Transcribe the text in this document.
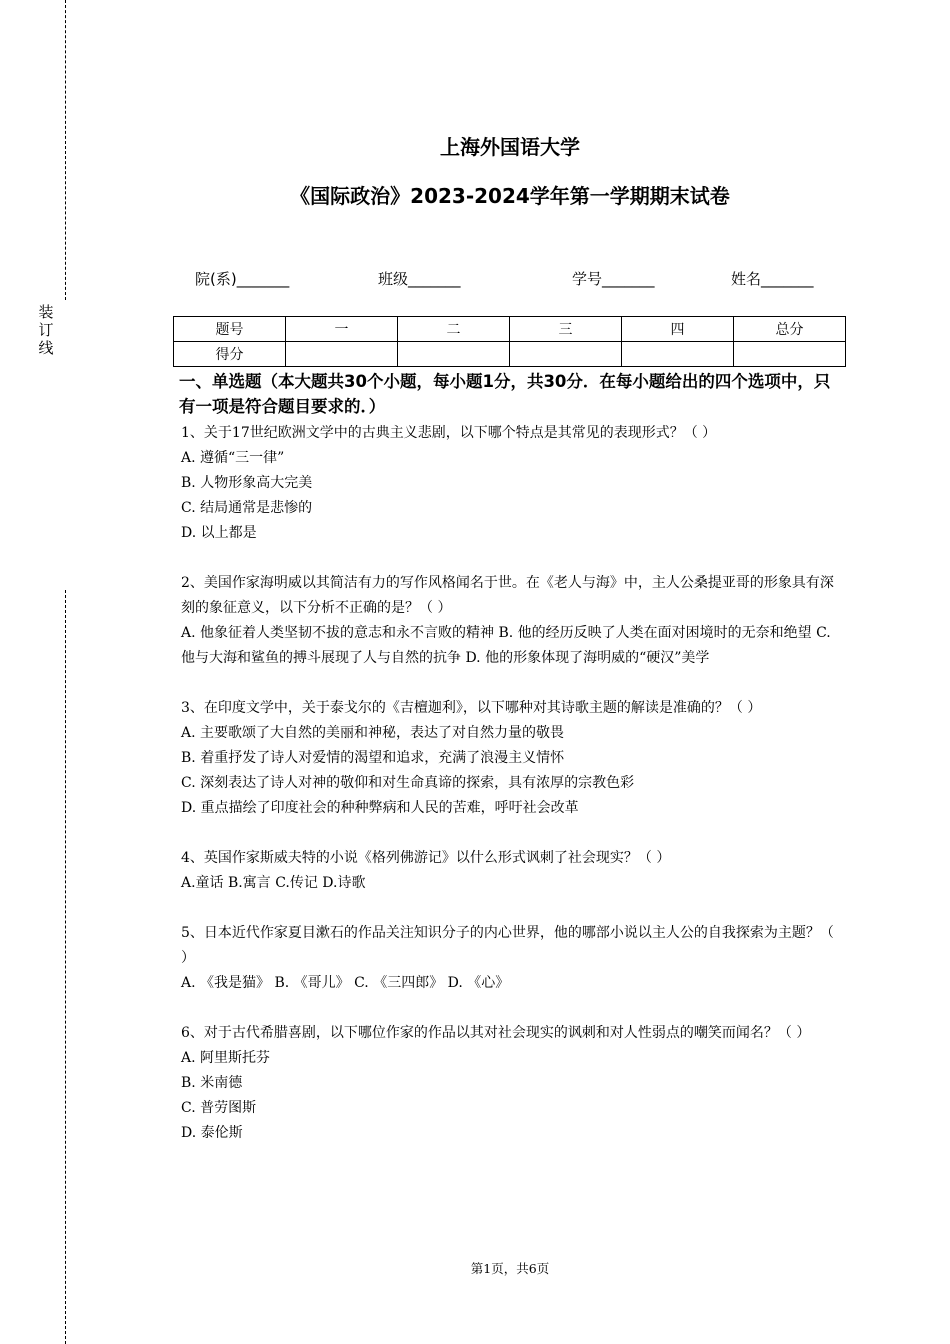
装
订
线
上海外国语大学
《国际政治》2023-2024学年第一学期期末试卷
院(系)_______	班级_______	学号_______	姓名_______
题号	一	二	三	四	总分
得分					
一、单选题（本大题共30个小题，每小题1分，共30分．在每小题给出的四个选项中，只有一项是符合题目要求的．）

1、关于17世纪欧洲文学中的古典主义悲剧，以下哪个特点是其常见的表现形式？（ ）

A. 遵循“三一律”

B. 人物形象高大完美

C. 结局通常是悲惨的

D. 以上都是

2、美国作家海明威以其简洁有力的写作风格闻名于世。在《老人与海》中，主人公桑提亚哥的形象具有深刻的象征意义，以下分析不正确的是？（ ）

A. 他象征着人类坚韧不拔的意志和永不言败的精神 B. 他的经历反映了人类在面对困境时的无奈和绝望 C. 他与大海和鲨鱼的搏斗展现了人与自然的抗争 D. 他的形象体现了海明威的“硬汉”美学

3、在印度文学中，关于泰戈尔的《吉檀迦利》，以下哪种对其诗歌主题的解读是准确的？（ ）

A. 主要歌颂了大自然的美丽和神秘，表达了对自然力量的敬畏

B. 着重抒发了诗人对爱情的渴望和追求，充满了浪漫主义情怀

C. 深刻表达了诗人对神的敬仰和对生命真谛的探索，具有浓厚的宗教色彩

D. 重点描绘了印度社会的种种弊病和人民的苦难，呼吁社会改革

4、英国作家斯威夫特的小说《格列佛游记》以什么形式讽刺了社会现实？（ ）

A.童话 B.寓言 C.传记 D.诗歌

5、日本近代作家夏目漱石的作品关注知识分子的内心世界，他的哪部小说以主人公的自我探索为主题？（ ）

A. 《我是猫》 B. 《哥儿》 C. 《三四郎》 D. 《心》

6、对于古代希腊喜剧，以下哪位作家的作品以其对社会现实的讽刺和对人性弱点的嘲笑而闻名？（ ）

A. 阿里斯托芬

B. 米南德

C. 普劳图斯

D. 泰伦斯

第1页，共6页
